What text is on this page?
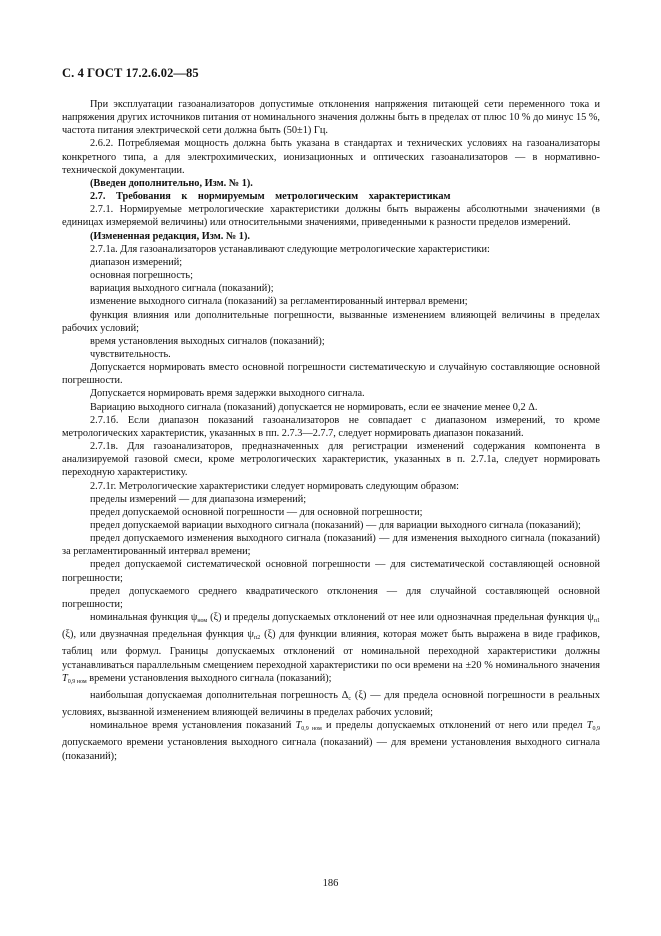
С. 4 ГОСТ 17.2.6.02—85

При эксплуатации газоанализаторов допустимые отклонения напряжения питающей сети переменного тока и напряжения других источников питания от номинального значения должны быть в пределах от плюс 10 % до минус 15 %, частота питания электрической сети должна быть (50±1) Гц.

2.6.2. Потребляемая мощность должна быть указана в стандартах и технических условиях на газоанализаторы конкретного типа, а для электрохимических, ионизационных и оптических газоанализаторов — в нормативно-технической документации.

(Введен дополнительно, Изм. № 1).

2.7. Требования к нормируемым метрологическим характеристикам

2.7.1. Нормируемые метрологические характеристики должны быть выражены абсолютными значениями (в единицах измеряемой величины) или относительными значениями, приведенными к разности пределов измерений.

(Измененная редакция, Изм. № 1).

2.7.1а. Для газоанализаторов устанавливают следующие метрологические характеристики:

диапазон измерений;

основная погрешность;

вариация выходного сигнала (показаний);

изменение выходного сигнала (показаний) за регламентированный интервал времени;

функция влияния или дополнительные погрешности, вызванные изменением влияющей величины в пределах рабочих условий;

время установления выходных сигналов (показаний);

чувствительность.

Допускается нормировать вместо основной погрешности систематическую и случайную составляющие основной погрешности.

Допускается нормировать время задержки выходного сигнала.

Вариацию выходного сигнала (показаний) допускается не нормировать, если ее значение менее 0,2 Δ.

2.7.1б. Если диапазон показаний газоанализаторов не совпадает с диапазоном измерений, то кроме метрологических характеристик, указанных в пп. 2.7.3—2.7.7, следует нормировать диапазон показаний.

2.7.1в. Для газоанализаторов, предназначенных для регистрации изменений содержания компонента в анализируемой газовой смеси, кроме метрологических характеристик, указанных в п. 2.7.1а, следует нормировать переходную характеристику.

2.7.1г. Метрологические характеристики следует нормировать следующим образом:

пределы измерений — для диапазона измерений;

предел допускаемой основной погрешности — для основной погрешности;

предел допускаемой вариации выходного сигнала (показаний) — для вариации выходного сигнала (показаний);

предел допускаемого изменения выходного сигнала (показаний) — для изменения выходного сигнала (показаний) за регламентированный интервал времени;

предел допускаемой систематической основной погрешности — для систематической составляющей основной погрешности;

предел допускаемого среднего квадратического отклонения — для случайной составляющей основной погрешности;

номинальная функция $\psi_{ном}$ (ξ) и пределы допускаемых отклонений от нее или однозначная предельная функция $\psi_{п1}$ (ξ), или двузначная предельная функция $\psi_{п2}$ (ξ) для функции влияния, которая может быть выражена в виде графиков, таблиц или формул. Границы допускаемых отклонений от номинальной переходной характеристики должны устанавливаться параллельным смещением переходной характеристики по оси времени на ±20 % номинального значения $T_{0,9 ном}$ времени установления выходного сигнала (показаний);

наибольшая допускаемая дополнительная погрешность $\Delta_с$ (ξ) — для предела основной погрешности в реальных условиях, вызванной изменением влияющей величины в пределах рабочих условий;

номинальное время установления показаний $T_{0,9 ном}$ и пределы допускаемых отклонений от него или предел $T_{0,9}$ допускаемого времени установления выходного сигнала (показаний) — для времени установления выходного сигнала (показаний);

186
